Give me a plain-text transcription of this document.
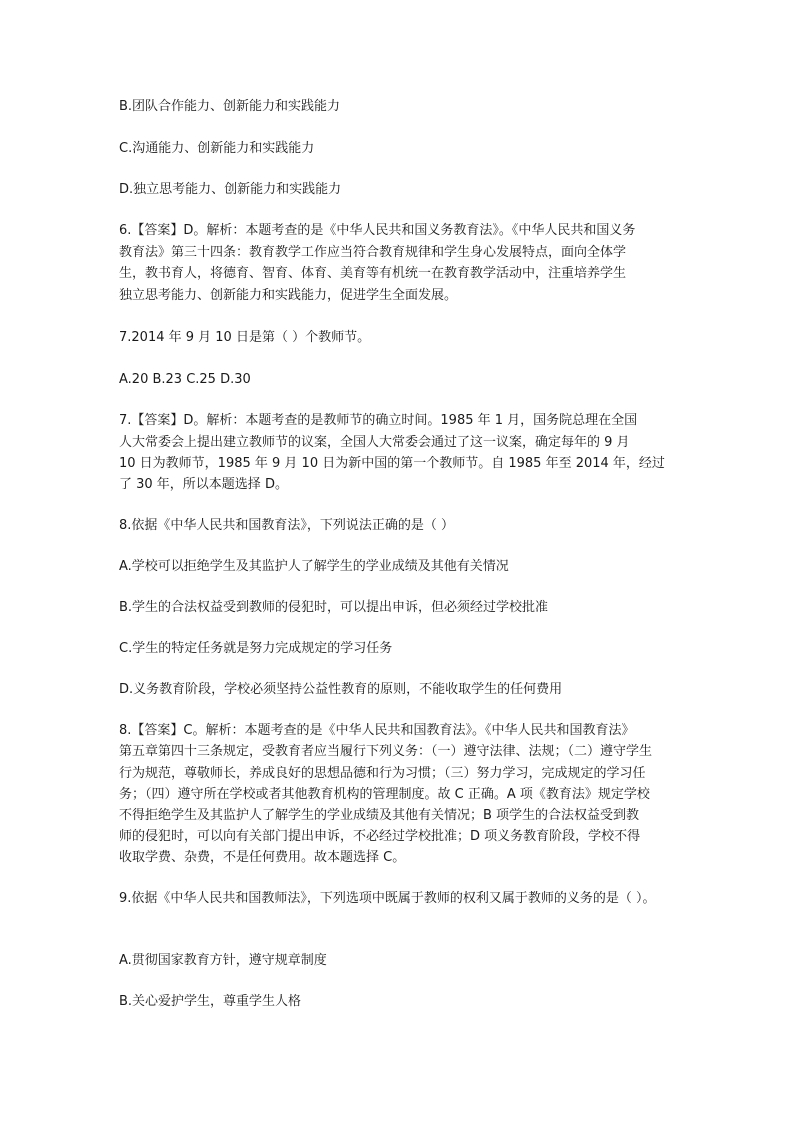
B.团队合作能力、创新能力和实践能力
C.沟通能力、创新能力和实践能力
D.独立思考能力、创新能力和实践能力
6.【答案】D。解析：本题考查的是《中华人民共和国义务教育法》。《中华人民共和国义务
教育法》第三十四条：教育教学工作应当符合教育规律和学生身心发展特点，面向全体学
生，教书育人，将德育、智育、体育、美育等有机统一在教育教学活动中，注重培养学生
独立思考能力、创新能力和实践能力，促进学生全面发展。
7.2014 年 9 月 10 日是第（ ）个教师节。
A.20 B.23 C.25 D.30
7.【答案】D。解析：本题考查的是教师节的确立时间。1985 年 1 月，国务院总理在全国
人大常委会上提出建立教师节的议案，全国人大常委会通过了这一议案，确定每年的 9 月
10 日为教师节，1985 年 9 月 10 日为新中国的第一个教师节。自 1985 年至 2014 年，经过
了 30 年，所以本题选择 D。
8.依据《中华人民共和国教育法》，下列说法正确的是（ ）
A.学校可以拒绝学生及其监护人了解学生的学业成绩及其他有关情况
B.学生的合法权益受到教师的侵犯时，可以提出申诉，但必须经过学校批准
C.学生的特定任务就是努力完成规定的学习任务
D.义务教育阶段，学校必须坚持公益性教育的原则，不能收取学生的任何费用
8.【答案】C。解析：本题考查的是《中华人民共和国教育法》。《中华人民共和国教育法》
第五章第四十三条规定，受教育者应当履行下列义务：（一）遵守法律、法规；（二）遵守学生
行为规范，尊敬师长，养成良好的思想品德和行为习惯；（三）努力学习，完成规定的学习任
务；（四）遵守所在学校或者其他教育机构的管理制度。故 C 正确。A 项《教育法》规定学校
不得拒绝学生及其监护人了解学生的学业成绩及其他有关情况；B 项学生的合法权益受到教
师的侵犯时，可以向有关部门提出申诉，不必经过学校批准；D 项义务教育阶段，学校不得
收取学费、杂费，不是任何费用。故本题选择 C。
9.依据《中华人民共和国教师法》，下列选项中既属于教师的权利又属于教师的义务的是（ ）。
A.贯彻国家教育方针，遵守规章制度
B.关心爱护学生，尊重学生人格
